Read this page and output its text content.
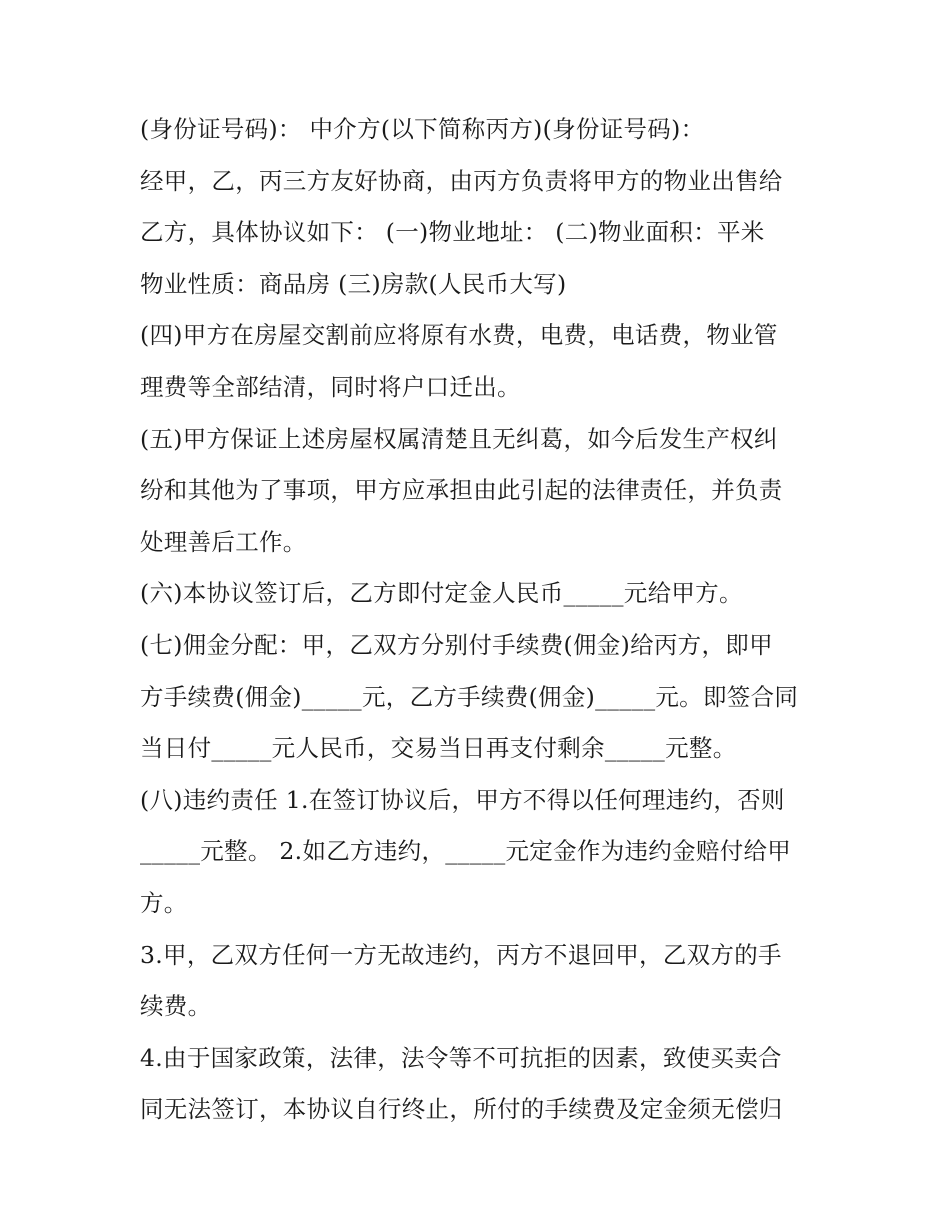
(身份证号码)： 中介方(以下简称丙方)(身份证号码)：
经甲，乙，丙三方友好协商，由丙方负责将甲方的物业出售给
乙方，具体协议如下： (一)物业地址： (二)物业面积：平米
物业性质：商品房 (三)房款(人民币大写)
(四)甲方在房屋交割前应将原有水费，电费，电话费，物业管
理费等全部结清，同时将户口迁出。
(五)甲方保证上述房屋权属清楚且无纠葛，如今后发生产权纠
纷和其他为了事项，甲方应承担由此引起的法律责任，并负责
处理善后工作。
(六)本协议签订后，乙方即付定金人民币_____元给甲方。
(七)佣金分配：甲，乙双方分别付手续费(佣金)给丙方，即甲
方手续费(佣金)_____元，乙方手续费(佣金)_____元。即签合同
当日付_____元人民币，交易当日再支付剩余_____元整。
(八)违约责任 1.在签订协议后，甲方不得以任何理违约，否则
_____元整。 2.如乙方违约，_____元定金作为违约金赔付给甲
方。
3.甲，乙双方任何一方无故违约，丙方不退回甲，乙双方的手
续费。
4.由于国家政策，法律，法令等不可抗拒的因素，致使买卖合
同无法签订，本协议自行终止，所付的手续费及定金须无偿归
